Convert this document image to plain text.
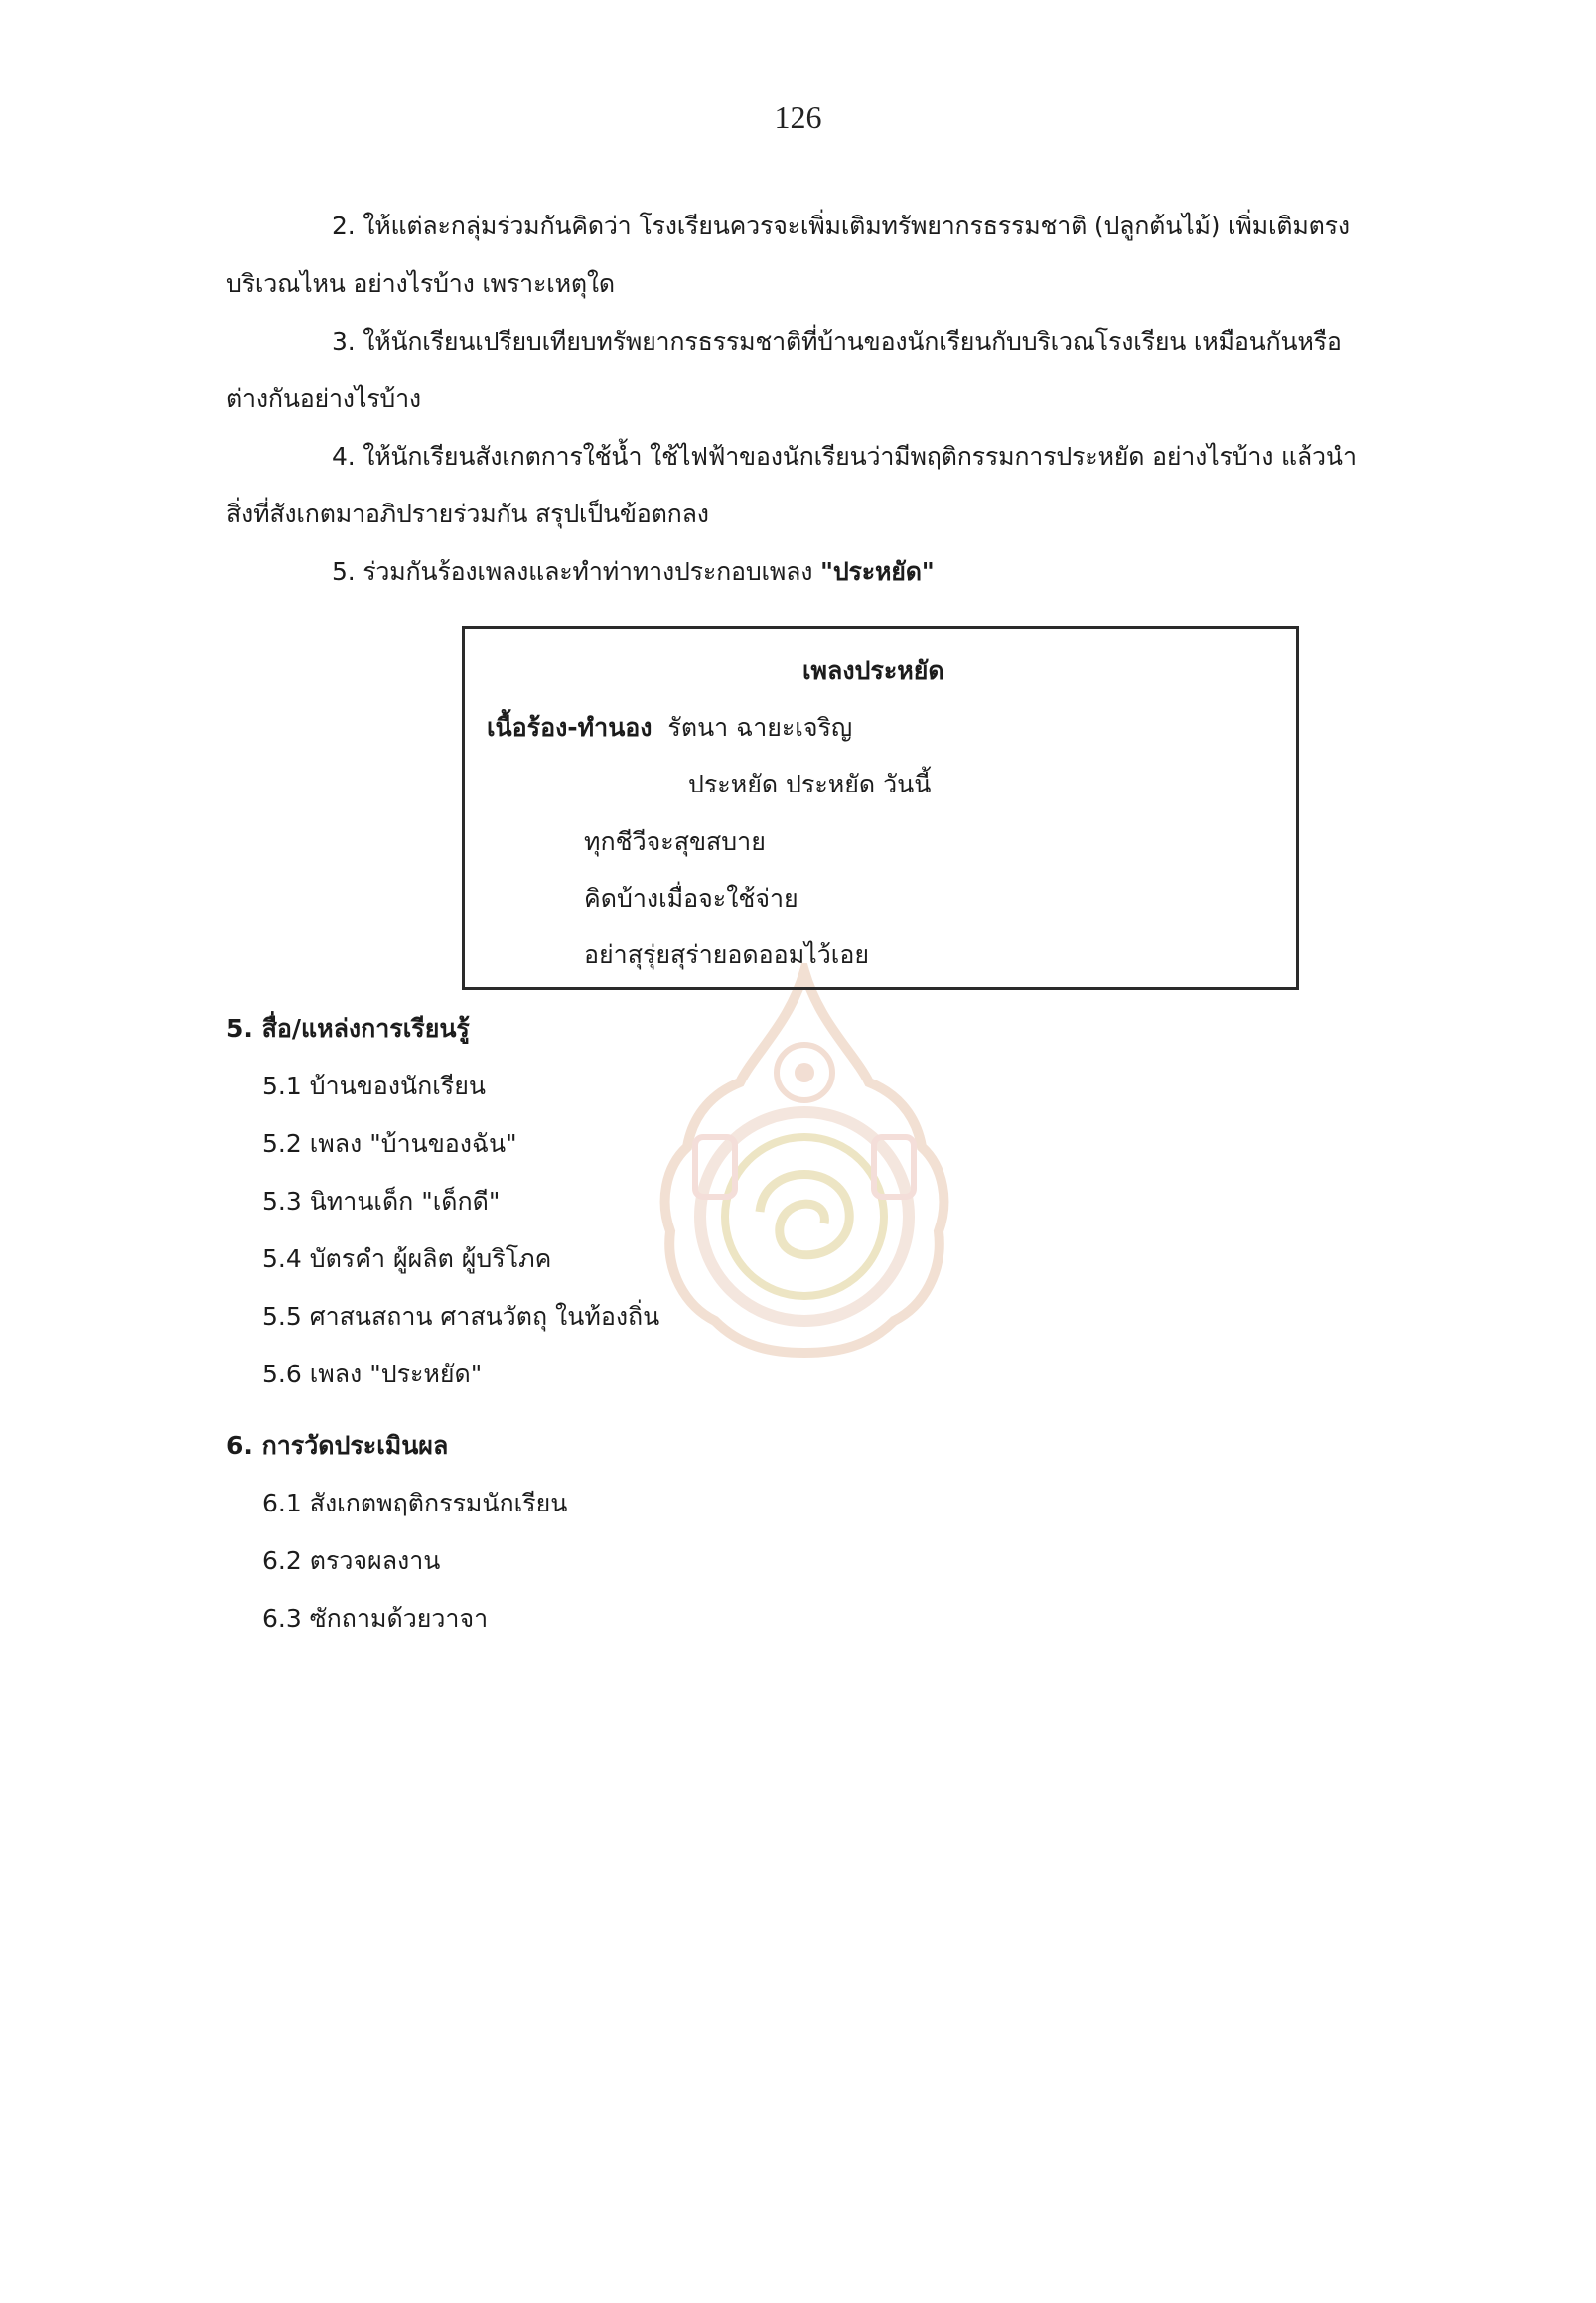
126
2. ให้แต่ละกลุ่มร่วมกันคิดว่า โรงเรียนควรจะเพิ่มเติมทรัพยากรธรรมชาติ (ปลูกต้นไม้) เพิ่มเติมตรง
บริเวณไหน อย่างไรบ้าง เพราะเหตุใด
3. ให้นักเรียนเปรียบเทียบทรัพยากรธรรมชาติที่บ้านของนักเรียนกับบริเวณโรงเรียน เหมือนกันหรือ
ต่างกันอย่างไรบ้าง
4. ให้นักเรียนสังเกตการใช้น้ำ ใช้ไฟฟ้าของนักเรียนว่ามีพฤติกรรมการประหยัด อย่างไรบ้าง แล้วนำ
สิ่งที่สังเกตมาอภิปรายร่วมกัน สรุปเป็นข้อตกลง
5. ร่วมกันร้องเพลงและทำท่าทางประกอบเพลง "ประหยัด"
เพลงประหยัด
เนื้อร้อง-ทำนอง รัตนา ฉายะเจริญ
ประหยัด ประหยัด วันนี้
ทุกชีวีจะสุขสบาย
คิดบ้างเมื่อจะใช้จ่าย
อย่าสุรุ่ยสุร่ายอดออมไว้เอย
5. สื่อ/แหล่งการเรียนรู้
5.1 บ้านของนักเรียน
5.2 เพลง "บ้านของฉัน"
5.3 นิทานเด็ก "เด็กดี"
5.4 บัตรคำ ผู้ผลิต ผู้บริโภค
5.5 ศาสนสถาน ศาสนวัตถุ ในท้องถิ่น
5.6 เพลง "ประหยัด"
6. การวัดประเมินผล
6.1 สังเกตพฤติกรรมนักเรียน
6.2 ตรวจผลงาน
6.3 ซักถามด้วยวาจา
